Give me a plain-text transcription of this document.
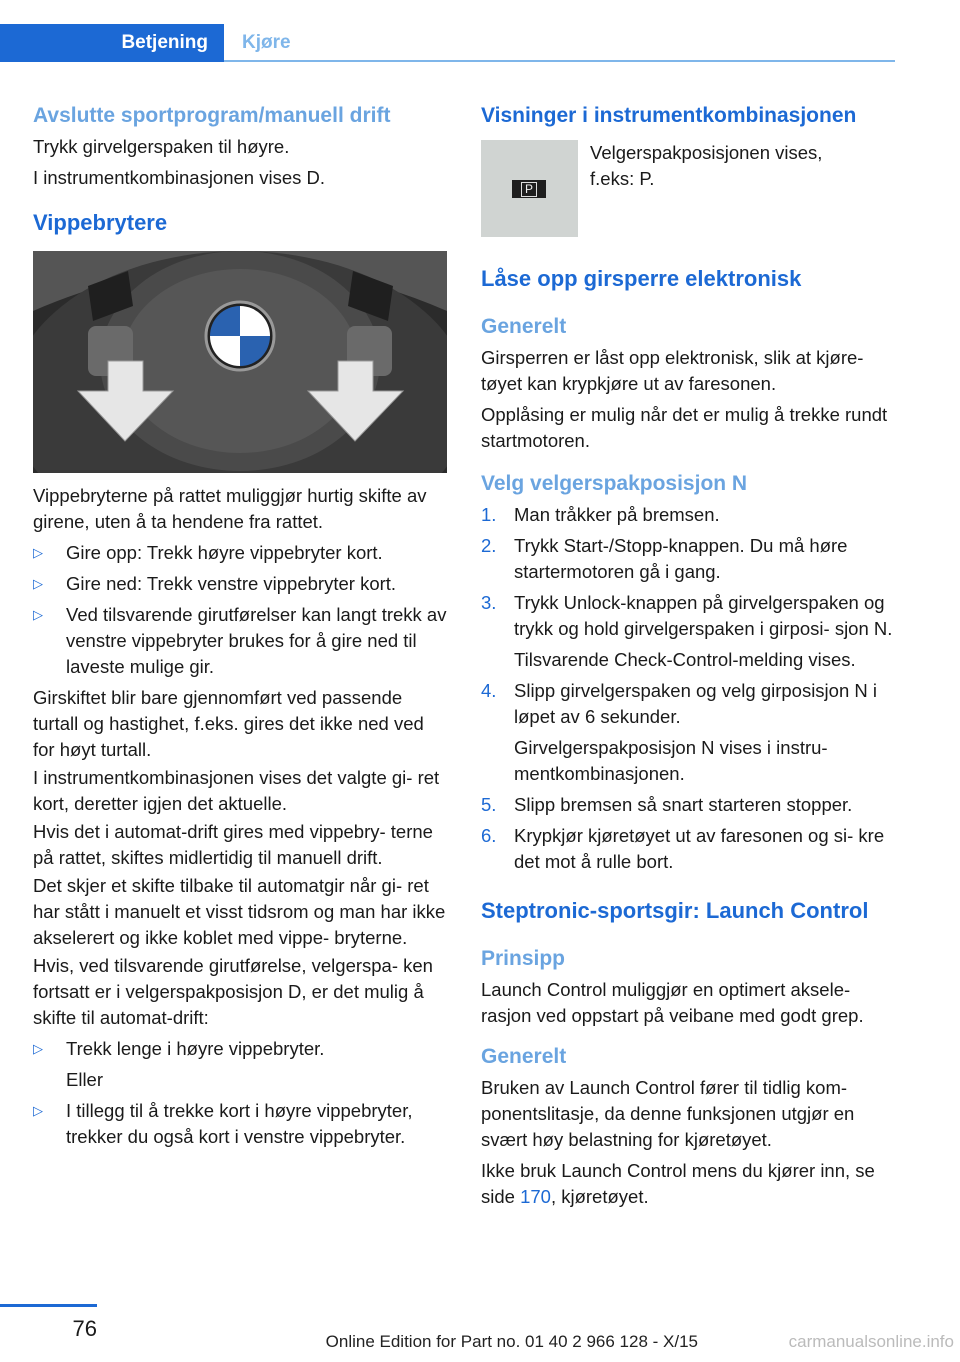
Betjening	Kjøre
Avslutte sportprogram/manuell drift

Trykk girvelgerspaken til høyre.

I instrumentkombinasjonen vises D.

Vippebrytere

Vippebryterne på rattet muliggjør hurtig skifte av girene, uten å ta hendene fra rattet.

▷	Gire opp: Trekk høyre vippebryter kort.
▷	Gire ned: Trekk venstre vippebryter kort.
▷	Ved tilsvarende girutførelser kan langt trekk av venstre vippebryter brukes for å gire ned til laveste mulige gir.

Girskiftet blir bare gjennomført ved passende turtall og hastighet, f.eks. gires det ikke ned ved for høyt turtall.

I instrumentkombinasjonen vises det valgte gi‐ ret kort, deretter igjen det aktuelle.

Hvis det i automat-drift gires med vippebry‐ terne på rattet, skiftes midlertidig til manuell drift.

Det skjer et skifte tilbake til automatgir når gi‐ ret har stått i manuelt et visst tidsrom og man har ikke akselerert og ikke koblet med vippe‐ bryterne.

Hvis, ved tilsvarende girutførelse, velgerspa‐ ken fortsatt er i velgerspakposisjon D, er det mulig å skifte til automat-drift:

▷	Trekk lenge i høyre vippebryter.

Eller

▷	I tillegg til å trekke kort i høyre vippebryter, trekker du også kort i venstre vippebryter.
Visninger i instrumentkombinasjonen
P

Velgerspakposisjonen vises, f.eks: P.

Låse opp girsperre elektronisk
Generelt

Girsperren er låst opp elektronisk, slik at kjøre‐ tøyet kan krypkjøre ut av faresonen.

Opplåsing er mulig når det er mulig å trekke rundt startmotoren.

Velg velgerspakposisjon N
1. Man tråkker på bremsen.
2. Trykk Start-/Stopp-knappen. Du må høre startermotoren gå i gang.
3. Trykk Unlock-knappen på girvelgerspaken og trykk og hold girvelgerspaken i girposi‐ sjon N.

Tilsvarende Check-Control-melding vises.

4. Slipp girvelgerspaken og velg girposisjon N i løpet av 6 sekunder.

Girvelgerspakposisjon N vises i instru‐ mentkombinasjonen.

5. Slipp bremsen så snart starteren stopper.
6. Krypkjør kjøretøyet ut av faresonen og si‐ kre det mot å rulle bort.
Steptronic-sportsgir: Launch Control
Prinsipp

Launch Control muliggjør en optimert aksele‐ rasjon ved oppstart på veibane med godt grep.

Generelt

Bruken av Launch Control fører til tidlig kom‐ ponentslitasje, da denne funksjonen utgjør en svært høy belastning for kjøretøyet.

Ikke bruk Launch Control mens du kjører inn, se side 170, kjøretøyet.

76
Online Edition for Part no. 01 40 2 966 128 - X/15	carmanualsonline.info
